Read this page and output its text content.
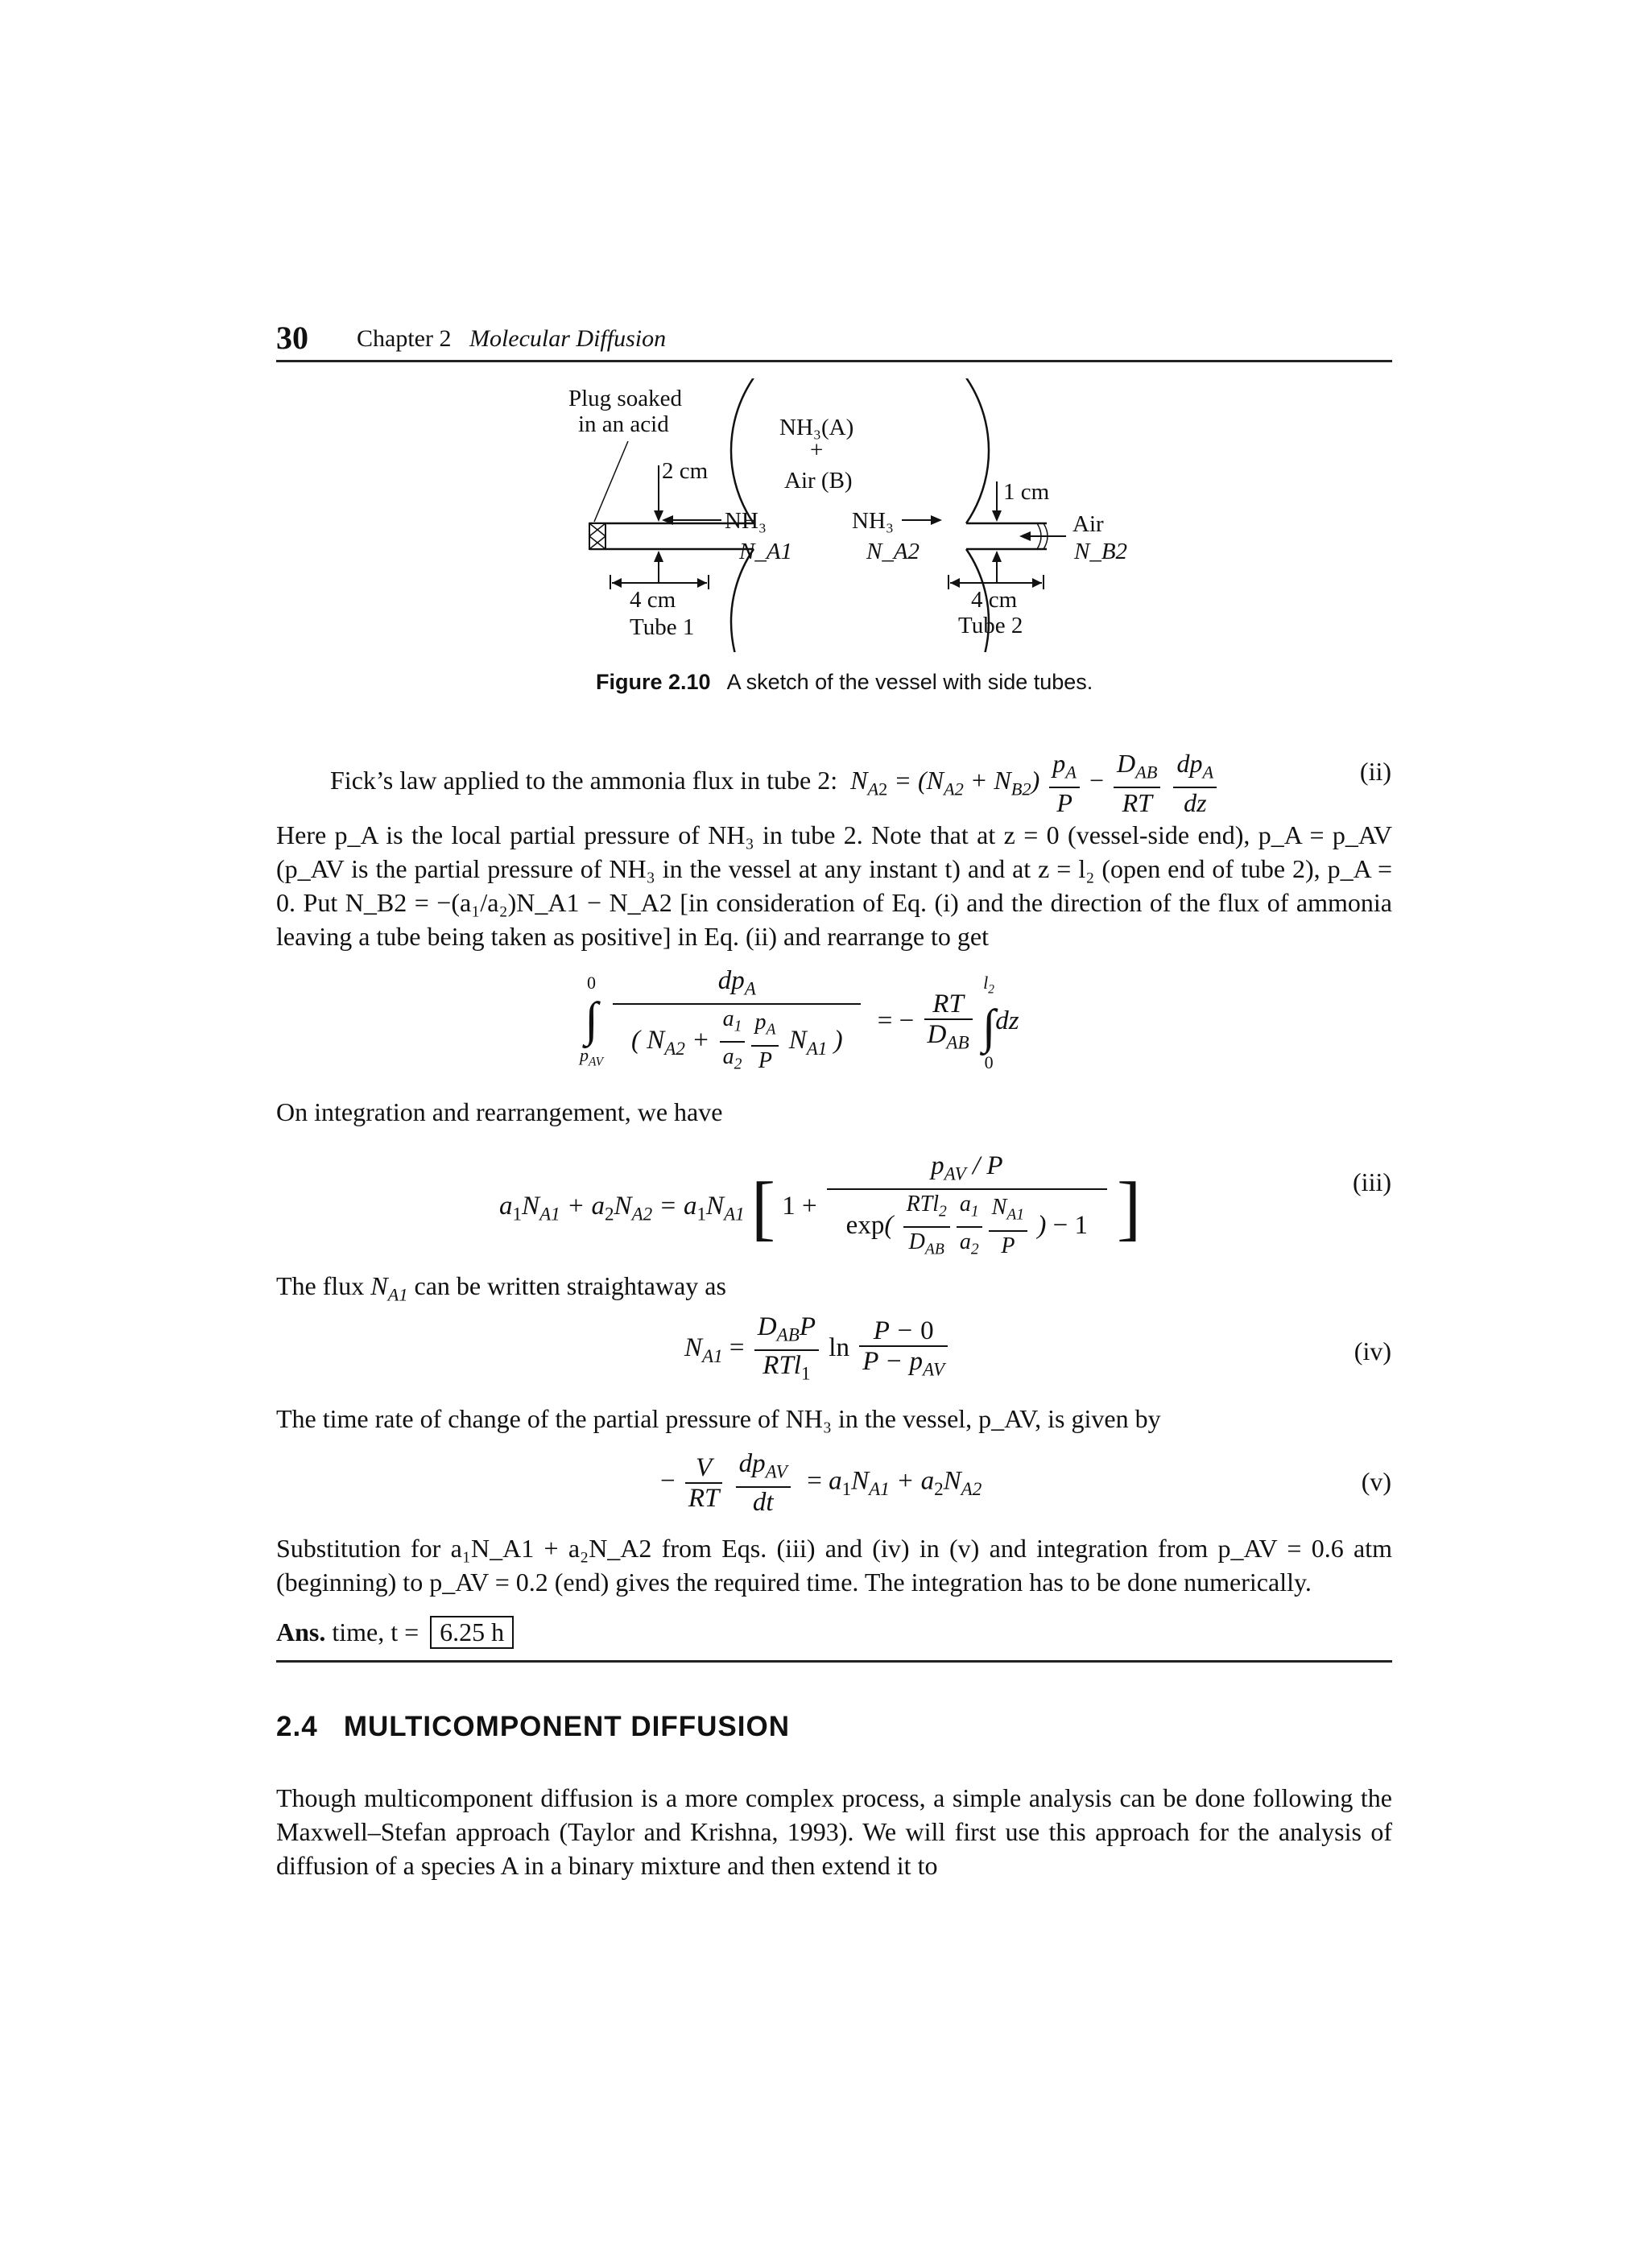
30 Chapter 2 Molecular Diffusion
Plug soaked
in an acid
2 cm
NH₃(A)
+
Air (B)
NH₃
N_A1
NH₃
N_A2
1 cm
Air
N_B2
4 cm
Tube 1
4 cm
Tube 2
Figure 2.10 A sketch of the vessel with side tubes.
Fick’s law applied to the ammonia flux in tube 2:  $N_{A2} = (N_{A2} + N_{B2}) \frac{p_A}{P} - \frac{D_{AB}}{RT}$
$\frac{dp_A}{dz}$	(ii)
Here p_A is the local partial pressure of NH₃ in tube 2. Note that at z = 0 (vessel-side end), p_A = p_AV (p_AV is the partial pressure of NH₃ in the vessel at any instant t) and at z = l₂ (open end of tube 2), p_A = 0. Put N_B2 = −(a₁/a₂)N_A1 − N_A2 [in consideration of Eq. (i) and the direction of the flux of ammonia leaving a tube being taken as positive] in Eq. (ii) and rearrange to get
0
∫
$p_{AV} \frac{dp_A}{( N_{A2} + \frac{a_1}{a_2} \frac{p_A}{P} N_{A1} )}$ = − $\frac{RT}{D_{AB}}$
$l_2$
∫
0dz
On integration and rearrangement, we have
$a_1N_{A1} + a_2N_{A2} = a_1N_{A1}$ [ $1 + \frac{p_{AV} / P}{\exp( \frac{RTl_2}{D_{AB}} \frac{a_1}{a_2} \frac{N_{A1}}{P} ) - 1}$ ]	(iii)
The flux $N_{A1}$ can be written straightaway as
$N_{A1} = \frac{D_{AB}P}{RTl_1}$ $\ln \frac{P - 0}{P - p_{AV}}$	(iv)
The time rate of change of the partial pressure of NH₃ in the vessel, p_AV, is given by
− $\frac{V}{RT}$
$\frac{dp_{AV}}{dt} = a_1N_{A1} + a_2N_{A2}$	(v)
Substitution for a₁N_A1 + a₂N_A2 from Eqs. (iii) and (iv) in (v) and integration from p_AV = 0.6 atm (beginning) to p_AV = 0.2 (end) gives the required time. The integration has to be done numerically.
Ans. time, t = 6.25 h
2.4 MULTICOMPONENT DIFFUSION
Though multicomponent diffusion is a more complex process, a simple analysis can be done following the Maxwell–Stefan approach (Taylor and Krishna, 1993). We will first use this approach for the analysis of diffusion of a species A in a binary mixture and then extend it to
